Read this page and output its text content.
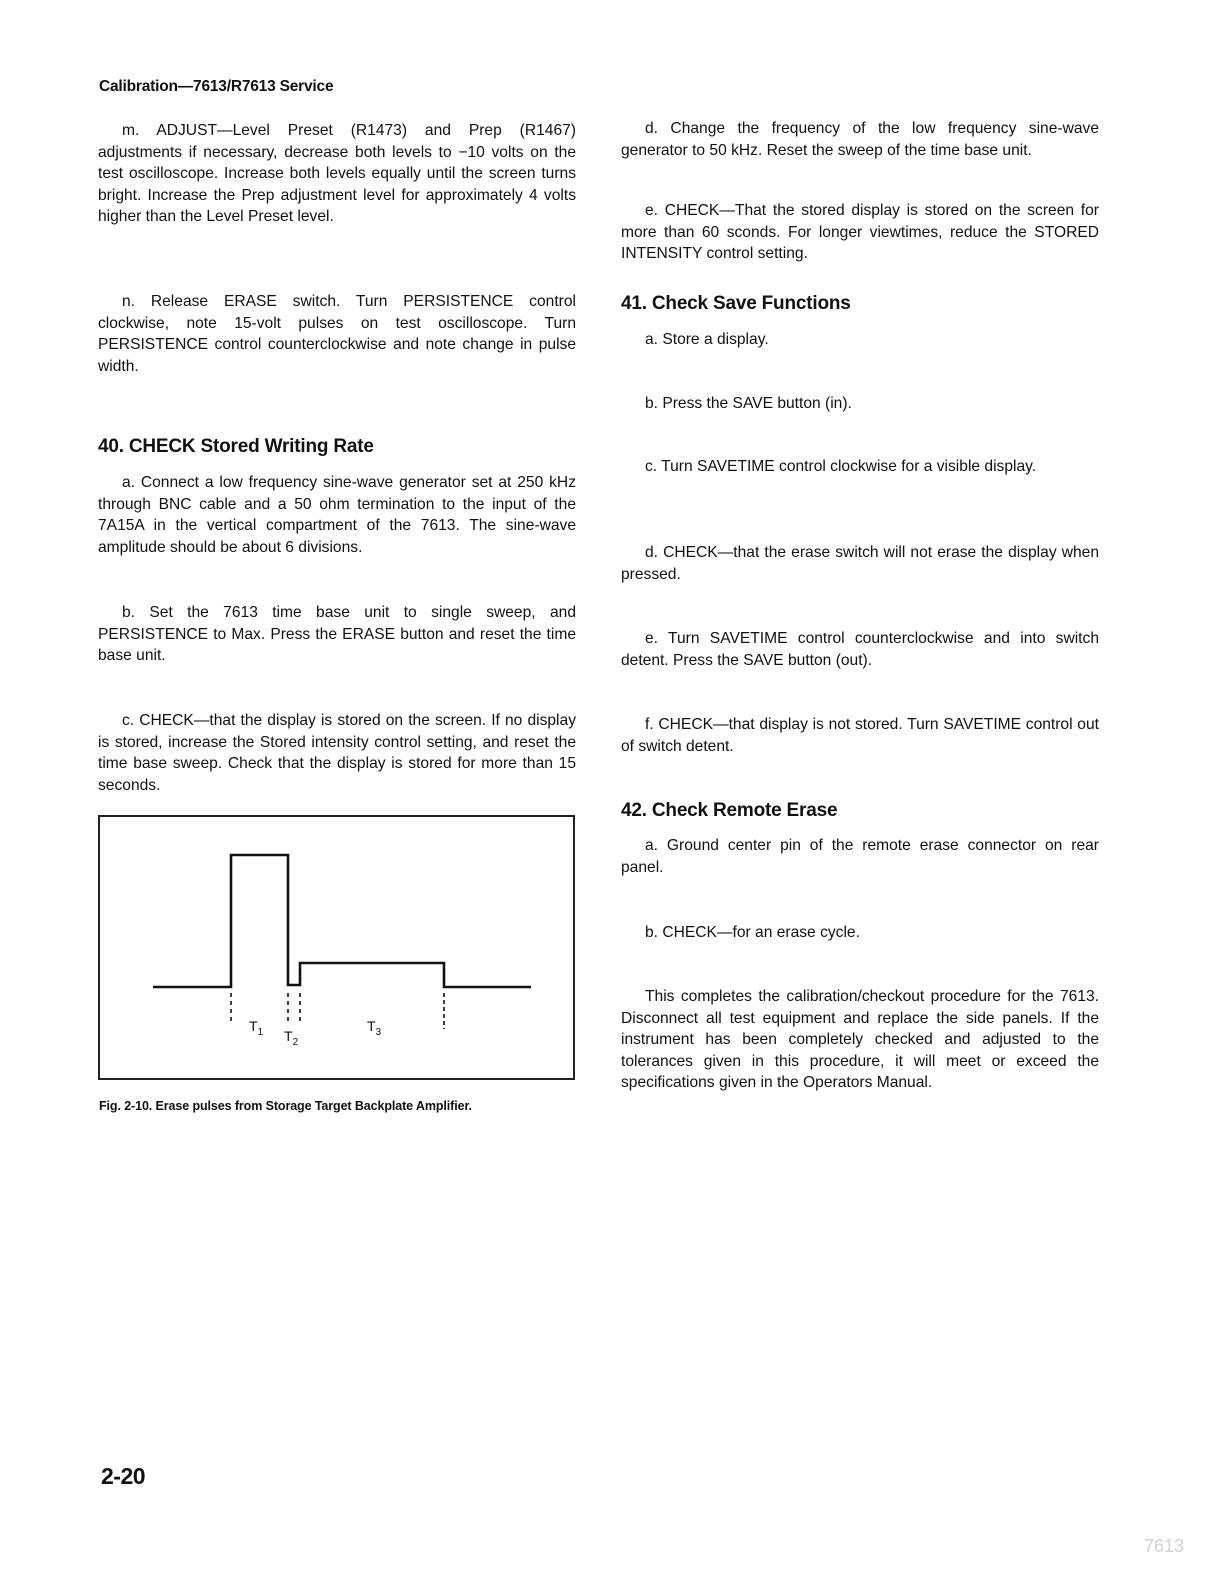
Calibration—7613/R7613 Service

m. ADJUST—Level Preset (R1473) and Prep (R1467) adjustments if necessary, decrease both levels to −10 volts on the test oscilloscope. Increase both levels equally until the screen turns bright. Increase the Prep adjustment level for approximately 4 volts higher than the Level Preset level.

n. Release ERASE switch. Turn PERSISTENCE control clockwise, note 15-volt pulses on test oscilloscope. Turn PERSISTENCE control counterclockwise and note change in pulse width.

40. CHECK Stored Writing Rate

a. Connect a low frequency sine-wave generator set at 250 kHz through BNC cable and a 50 ohm termination to the input of the 7A15A in the vertical compartment of the 7613. The sine-wave amplitude should be about 6 divisions.

b. Set the 7613 time base unit to single sweep, and PERSISTENCE to Max. Press the ERASE button and reset the time base unit.

c. CHECK—that the display is stored on the screen. If no display is stored, increase the Stored intensity control setting, and reset the time base sweep. Check that the display is stored for more than 15 seconds.

$T_1$ $T_2$
$T_3$
Fig. 2-10. Erase pulses from Storage Target Backplate Amplifier.

d. Change the frequency of the low frequency sine-wave generator to 50 kHz. Reset the sweep of the time base unit.

e. CHECK—That the stored display is stored on the screen for more than 60 sconds. For longer viewtimes, reduce the STORED INTENSITY control setting.

41. Check Save Functions

a. Store a display.

b. Press the SAVE button (in).

c. Turn SAVETIME control clockwise for a visible display.

d. CHECK—that the erase switch will not erase the display when pressed.

e. Turn SAVETIME control counterclockwise and into switch detent. Press the SAVE button (out).

f. CHECK—that display is not stored. Turn SAVETIME control out of switch detent.

42. Check Remote Erase

a. Ground center pin of the remote erase connector on rear panel.

b. CHECK—for an erase cycle.

This completes the calibration/checkout procedure for the 7613. Disconnect all test equipment and replace the side panels. If the instrument has been completely checked and adjusted to the tolerances given in this procedure, it will meet or exceed the specifications given in the Operators Manual.

2-20
7613
